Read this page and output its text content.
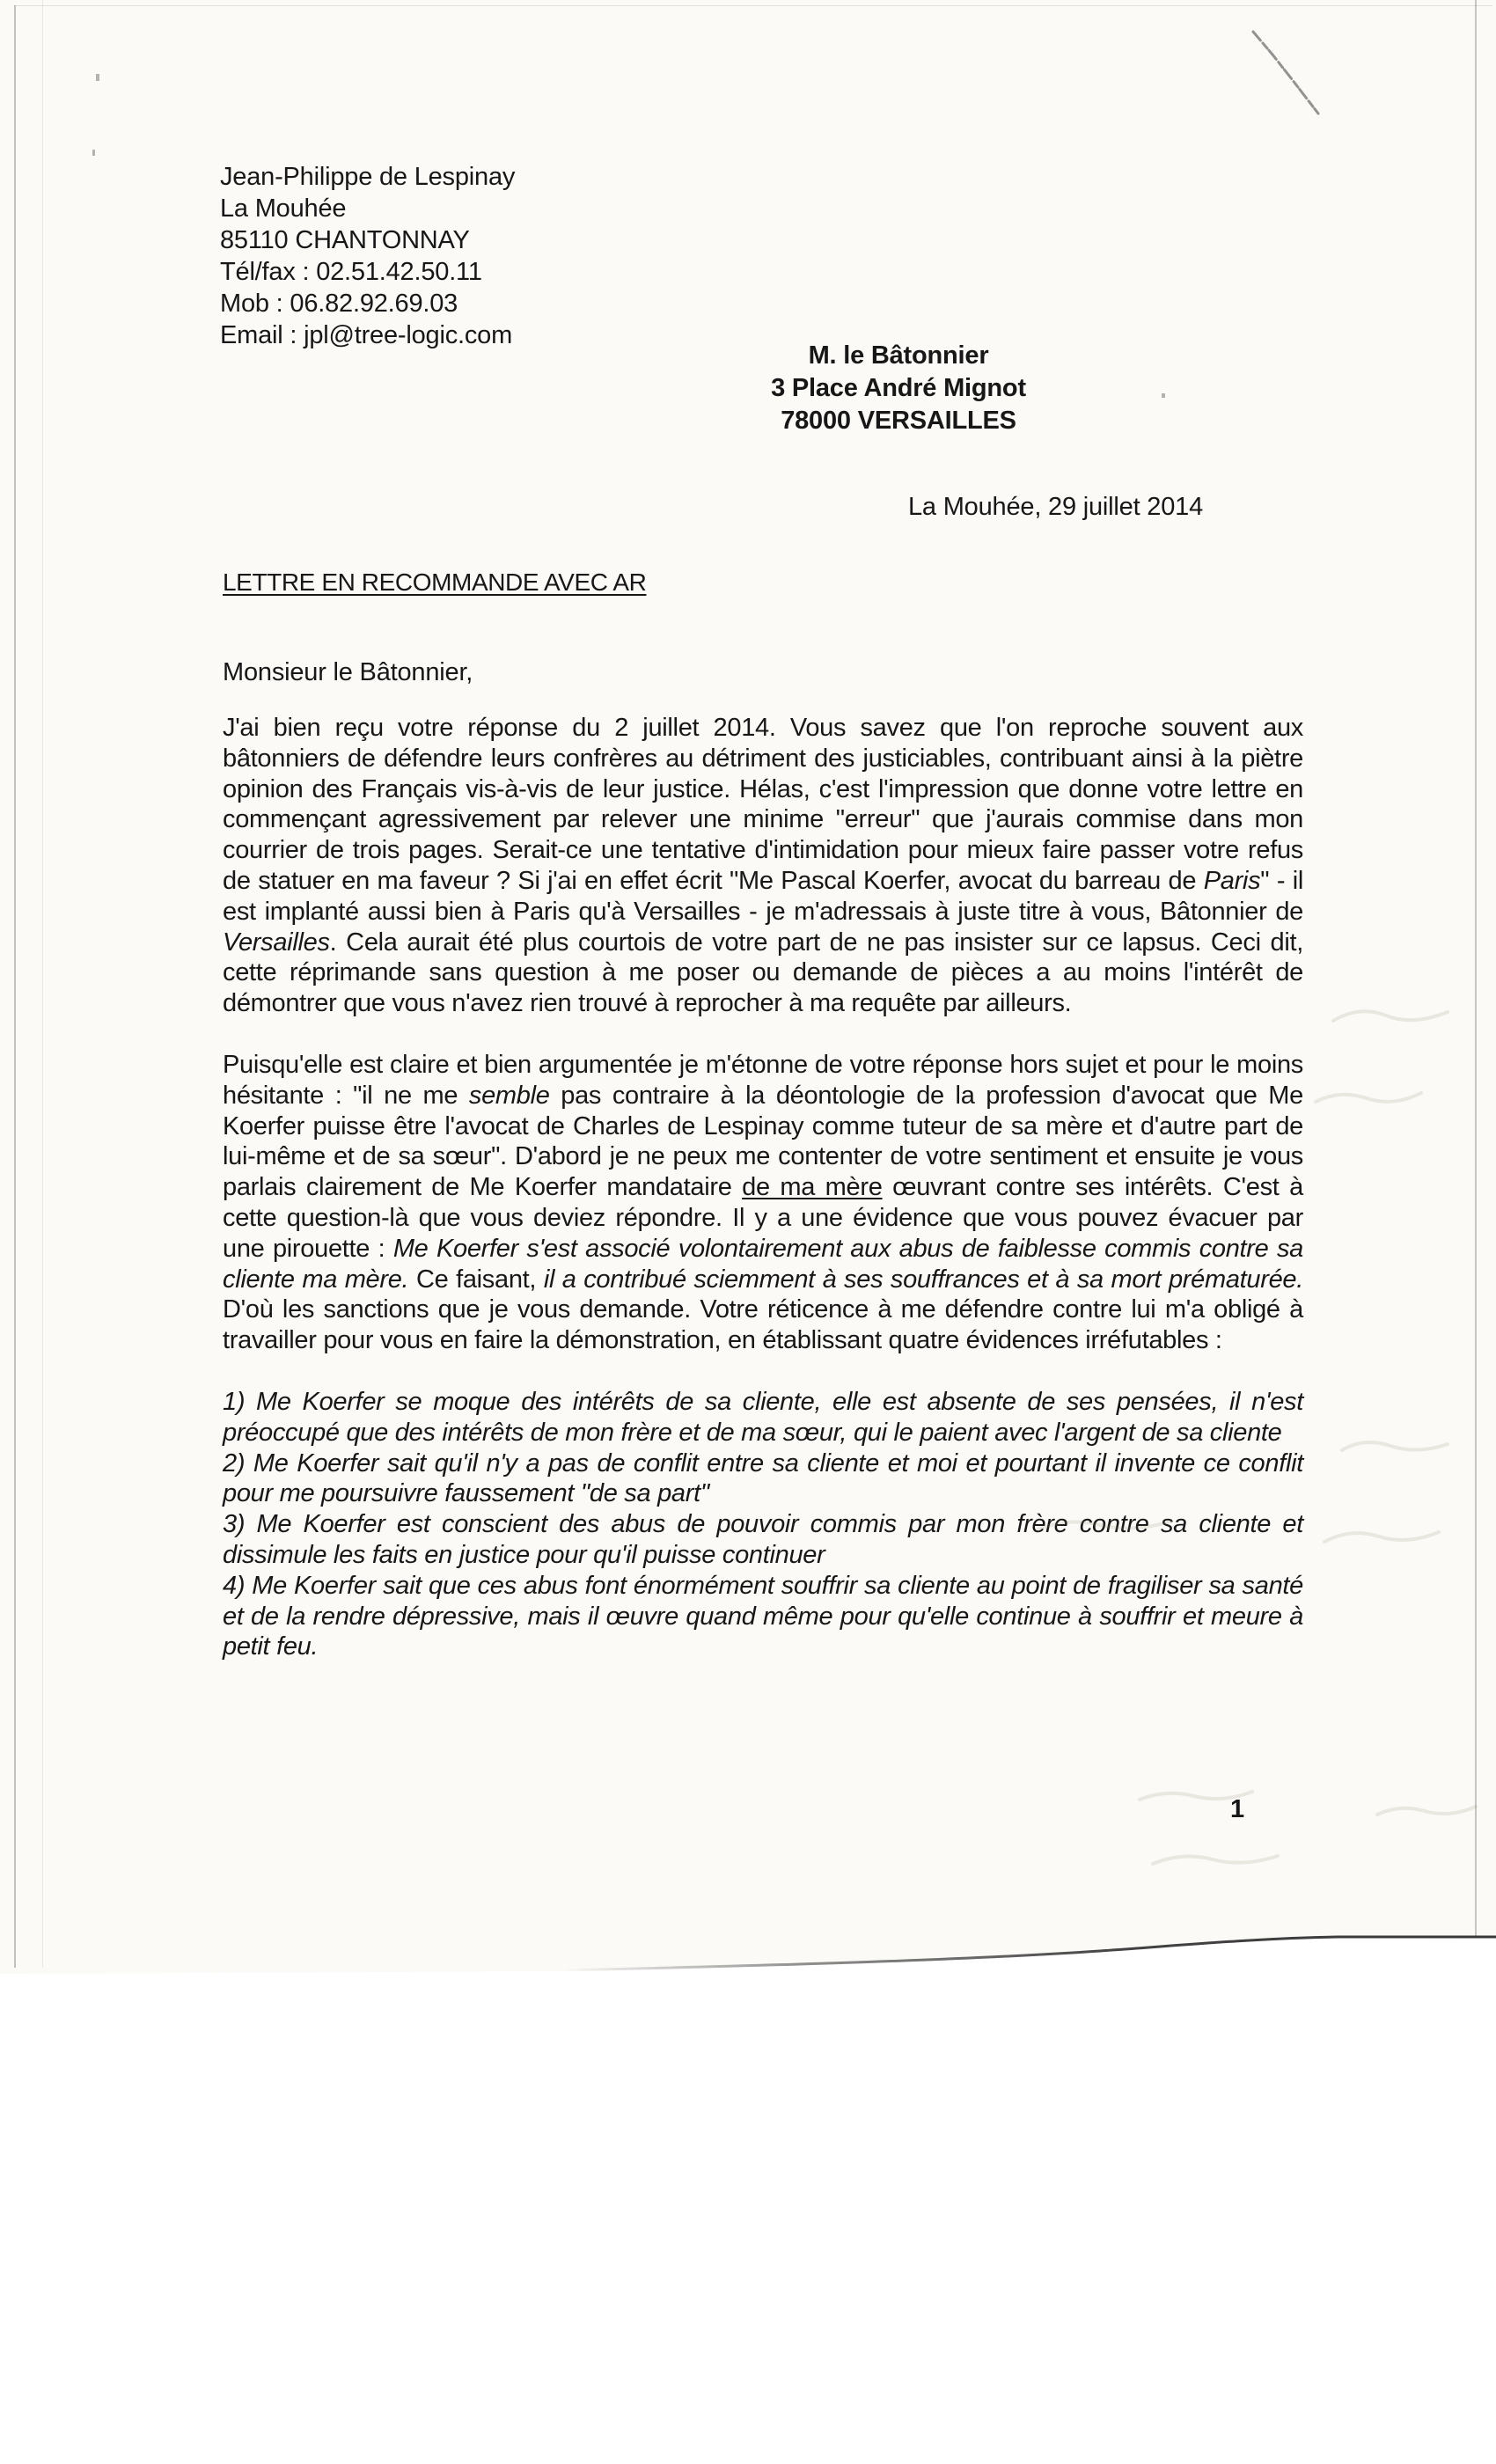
Jean-Philippe de Lespinay
La Mouhée
85110 CHANTONNAY
Tél/fax : 02.51.42.50.11
Mob : 06.82.92.69.03
Email : jpl@tree-logic.com
M. le Bâtonnier
3 Place André Mignot
78000 VERSAILLES
La Mouhée, 29 juillet 2014
LETTRE EN RECOMMANDE AVEC AR
Monsieur le Bâtonnier,

J'ai bien reçu votre réponse du 2 juillet 2014. Vous savez que l'on reproche souvent aux bâtonniers de défendre leurs confrères au détriment des justiciables, contribuant ainsi à la piètre opinion des Français vis-à-vis de leur justice. Hélas, c'est l'impression que donne votre lettre en commençant agressivement par relever une minime "erreur" que j'aurais commise dans mon courrier de trois pages. Serait-ce une tentative d'intimidation pour mieux faire passer votre refus de statuer en ma faveur ? Si j'ai en effet écrit "Me Pascal Koerfer, avocat du barreau de Paris" - il est implanté aussi bien à Paris qu'à Versailles - je m'adressais à juste titre à vous, Bâtonnier de Versailles. Cela aurait été plus courtois de votre part de ne pas insister sur ce lapsus. Ceci dit, cette réprimande sans question à me poser ou demande de pièces a au moins l'intérêt de démontrer que vous n'avez rien trouvé à reprocher à ma requête par ailleurs.

Puisqu'elle est claire et bien argumentée je m'étonne de votre réponse hors sujet et pour le moins hésitante : "il ne me semble pas contraire à la déontologie de la profession d'avocat que Me Koerfer puisse être l'avocat de Charles de Lespinay comme tuteur de sa mère et d'autre part de lui-même et de sa sœur". D'abord je ne peux me contenter de votre sentiment et ensuite je vous parlais clairement de Me Koerfer mandataire de ma mère œuvrant contre ses intérêts. C'est à cette question-là que vous deviez répondre. Il y a une évidence que vous pouvez évacuer par une pirouette : Me Koerfer s'est associé volontairement aux abus de faiblesse commis contre sa cliente ma mère. Ce faisant, il a contribué sciemment à ses souffrances et à sa mort prématurée. D'où les sanctions que je vous demande. Votre réticence à me défendre contre lui m'a obligé à travailler pour vous en faire la démonstration, en établissant quatre évidences irréfutables :

1) Me Koerfer se moque des intérêts de sa cliente, elle est absente de ses pensées, il n'est préoccupé que des intérêts de mon frère et de ma sœur, qui le paient avec l'argent de sa cliente
2) Me Koerfer sait qu'il n'y a pas de conflit entre sa cliente et moi et pourtant il invente ce conflit pour me poursuivre faussement "de sa part"
3) Me Koerfer est conscient des abus de pouvoir commis par mon frère contre sa cliente et dissimule les faits en justice pour qu'il puisse continuer
4) Me Koerfer sait que ces abus font énormément souffrir sa cliente au point de fragiliser sa santé et de la rendre dépressive, mais il œuvre quand même pour qu'elle continue à souffrir et meure à petit feu.
1
